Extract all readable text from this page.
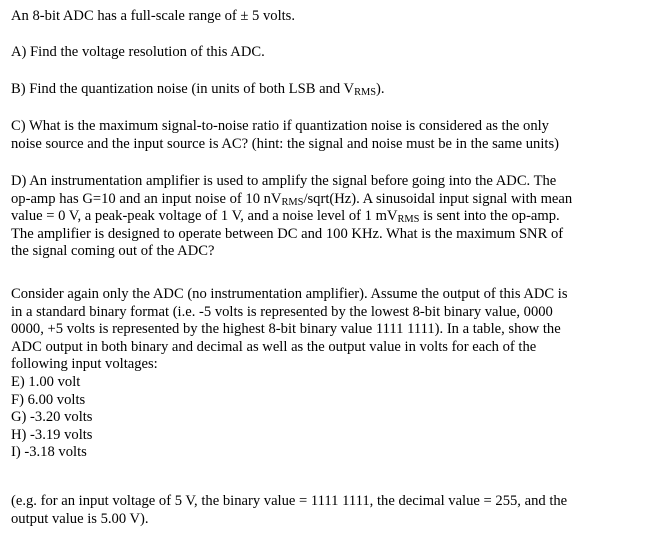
An 8-bit ADC has a full-scale range of ± 5 volts.

A) Find the voltage resolution of this ADC.

B) Find the quantization noise (in units of both LSB and VRMS).

C) What is the maximum signal-to-noise ratio if quantization noise is considered as the only

noise source and the input source is AC? (hint: the signal and noise must be in the same units)

D) An instrumentation amplifier is used to amplify the signal before going into the ADC. The

op-amp has G=10 and an input noise of 10 nVRMS/sqrt(Hz). A sinusoidal input signal with mean

value = 0 V, a peak-peak voltage of 1 V, and a noise level of 1 mVRMS is sent into the op-amp.

The amplifier is designed to operate between DC and 100 KHz. What is the maximum SNR of

the signal coming out of the ADC?

Consider again only the ADC (no instrumentation amplifier). Assume the output of this ADC is

in a standard binary format (i.e. -5 volts is represented by the lowest 8-bit binary value, 0000

0000, +5 volts is represented by the highest 8-bit binary value 1111 1111). In a table, show the

ADC output in both binary and decimal as well as the output value in volts for each of the

following input voltages:

E) 1.00 volt

F) 6.00 volts

G) -3.20 volts

H) -3.19 volts

I) -3.18 volts

(e.g. for an input voltage of 5 V, the binary value = 1111 1111, the decimal value = 255, and the

output value is 5.00 V).
